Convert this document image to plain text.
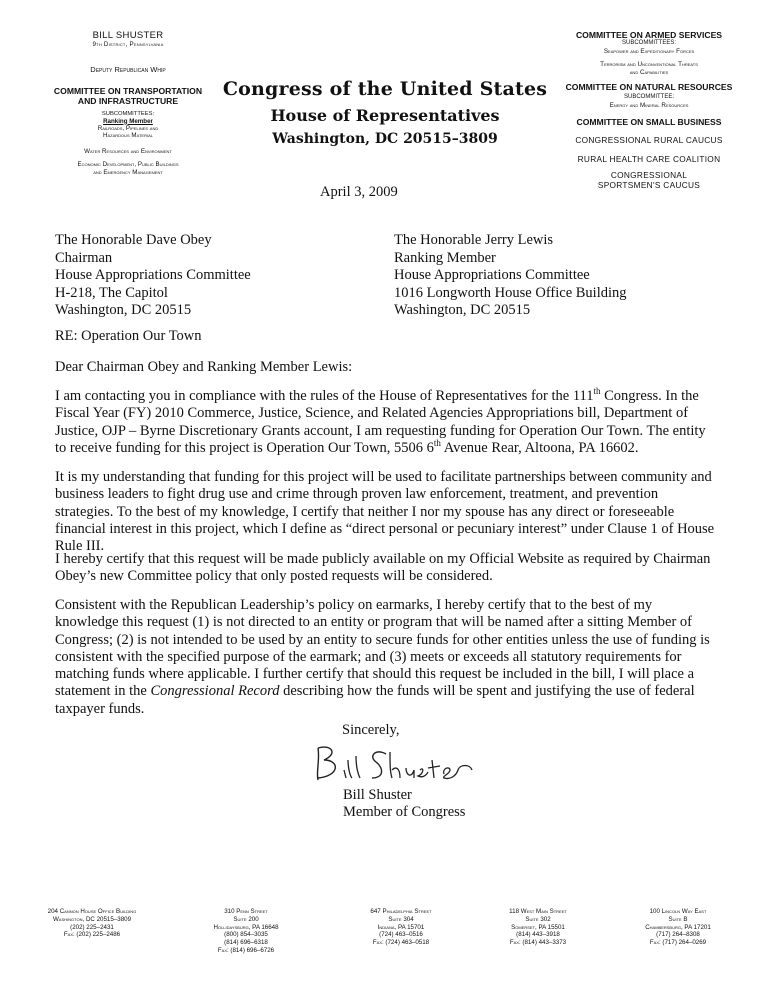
BILL SHUSTER
9th District, Pennsylvania
Deputy Republican Whip
COMMITTEE ON TRANSPORTATION
AND INFRASTRUCTURE
SUBCOMMITTEES:
Ranking Member
Railroads, Pipelines and
Hazardous Material
Water Resources and Environment
Economic Development, Public Buildings
and Emergency Management
Congress of the United States
House of Representatives
Washington, DC 20515–3809
COMMITTEE ON ARMED SERVICES
SUBCOMMITTEES:
Seapower and Expeditionary Forces
Terrorism and Unconventional Threats
and Capabilities
COMMITTEE ON NATURAL RESOURCES
SUBCOMMITTEE:
Energy and Mineral Resources
COMMITTEE ON SMALL BUSINESS
CONGRESSIONAL RURAL CAUCUS
RURAL HEALTH CARE COALITION
CONGRESSIONAL
SPORTSMEN'S CAUCUS
April 3, 2009
The Honorable Dave Obey
Chairman
House Appropriations Committee
H-218, The Capitol
Washington, DC 20515
The Honorable Jerry Lewis
Ranking Member
House Appropriations Committee
1016 Longworth House Office Building
Washington, DC 20515
RE: Operation Our Town
Dear Chairman Obey and Ranking Member Lewis:
I am contacting you in compliance with the rules of the House of Representatives for the 111th Congress. In the Fiscal Year (FY) 2010 Commerce, Justice, Science, and Related Agencies Appropriations bill, Department of Justice, OJP – Byrne Discretionary Grants account, I am requesting funding for Operation Our Town. The entity to receive funding for this project is Operation Our Town, 5506 6th Avenue Rear, Altoona, PA 16602.
It is my understanding that funding for this project will be used to facilitate partnerships between community and business leaders to fight drug use and crime through proven law enforcement, treatment, and prevention strategies. To the best of my knowledge, I certify that neither I nor my spouse has any direct or foreseeable financial interest in this project, which I define as “direct personal or pecuniary interest” under Clause 1 of House Rule III.
I hereby certify that this request will be made publicly available on my Official Website as required by Chairman Obey’s new Committee policy that only posted requests will be considered.
Consistent with the Republican Leadership’s policy on earmarks, I hereby certify that to the best of my knowledge this request (1) is not directed to an entity or program that will be named after a sitting Member of Congress; (2) is not intended to be used by an entity to secure funds for other entities unless the use of funding is consistent with the specified purpose of the earmark; and (3) meets or exceeds all statutory requirements for matching funds where applicable. I further certify that should this request be included in the bill, I will place a statement in the Congressional Record describing how the funds will be spent and justifying the use of federal taxpayer funds.
Sincerely,
Bill Shuster
Member of Congress
204 Cannon House Office Building
Washington, DC 20515–3809
(202) 225–2431
Fax: (202) 225–2486
310 Penn Street
Suite 200
Hollidaysburg, PA 16648
(800) 854–3035
(814) 696–6318
Fax: (814) 696–6726
647 Philadelphia Street
Suite 304
Indiana, PA 15701
(724) 463–0516
Fax: (724) 463–0518
118 West Main Street
Suite 302
Somerset, PA 15501
(814) 443–3918
Fax: (814) 443–3373
100 Lincoln Way East
Suite B
Chambersburg, PA 17201
(717) 264–8308
Fax: (717) 264–0269
